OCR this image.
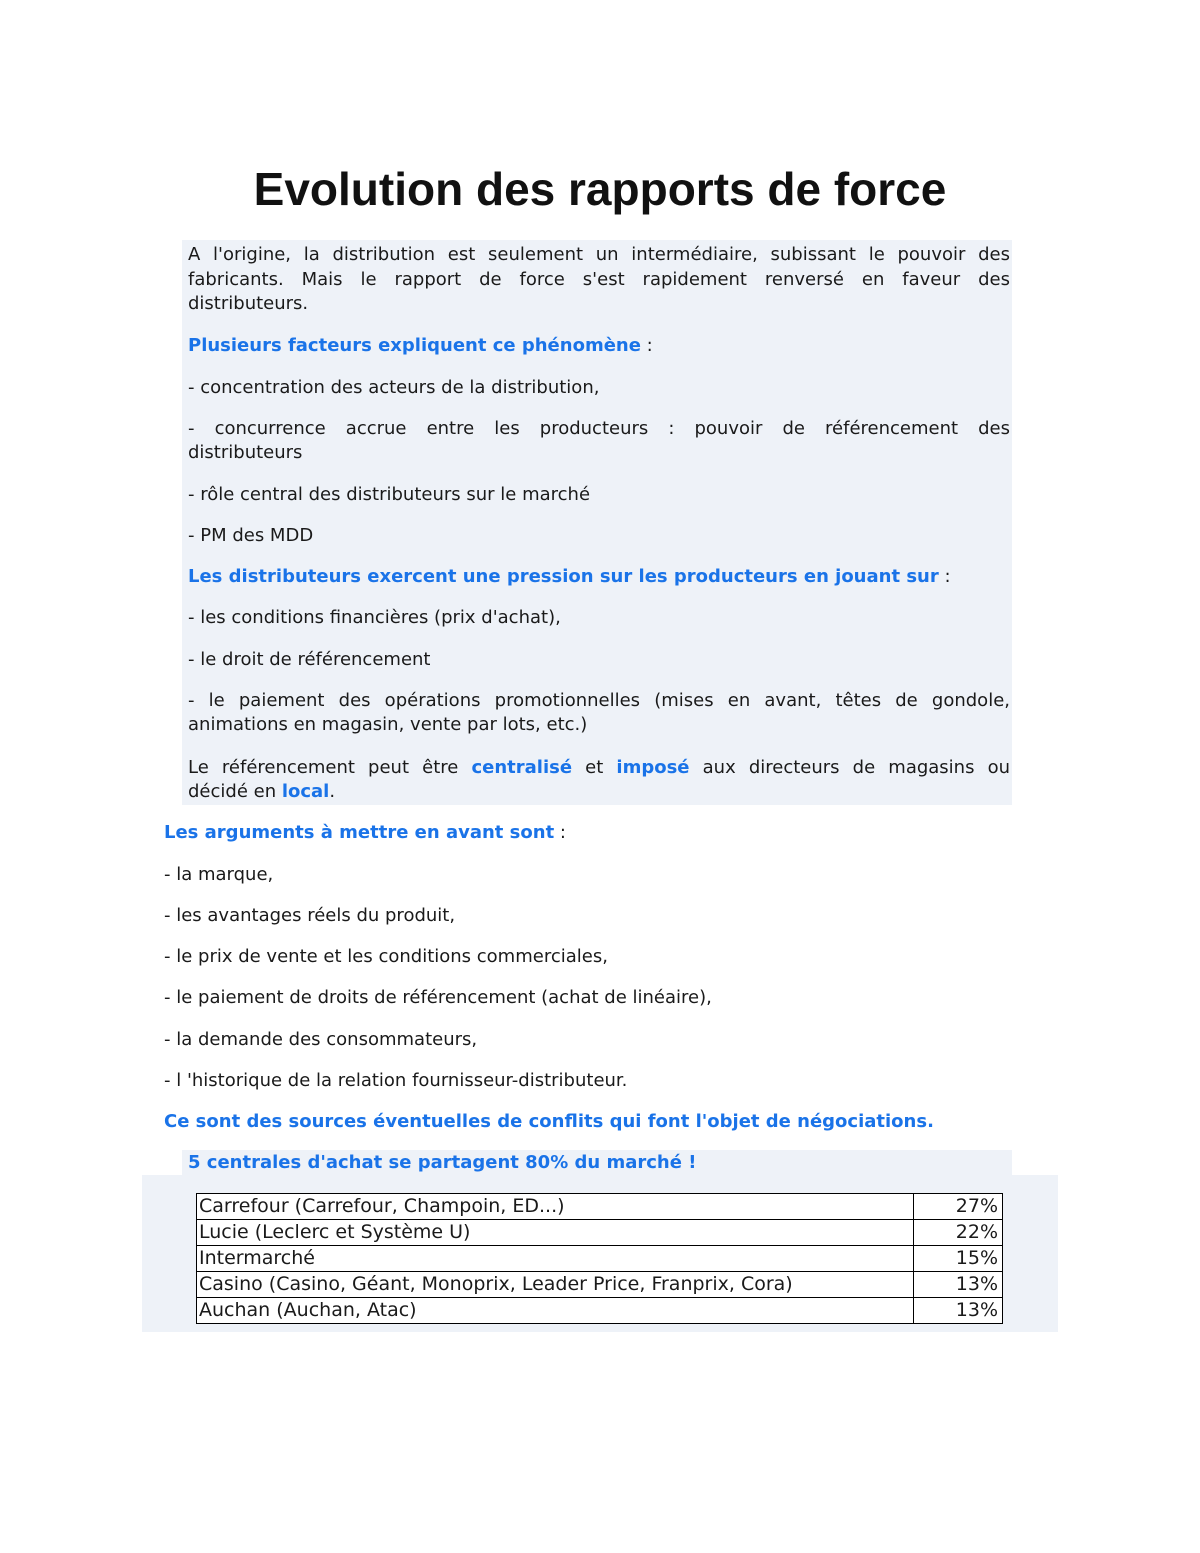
Evolution des rapports de force

A l'origine, la distribution est seulement un intermédiaire, subissant le pouvoir des

fabricants. Mais le rapport de force s'est rapidement renversé en faveur des

distributeurs.

Plusieurs facteurs expliquent ce phénomène :

- concentration des acteurs de la distribution,

- concurrence accrue entre les producteurs : pouvoir de référencement des

distributeurs

- rôle central des distributeurs sur le marché

- PM des MDD

Les distributeurs exercent une pression sur les producteurs en jouant sur :

- les conditions financières (prix d'achat),

- le droit de référencement

- le paiement des opérations promotionnelles (mises en avant, têtes de gondole,

animations en magasin, vente par lots, etc.)

Le référencement peut être centralisé et imposé aux directeurs de magasins ou

décidé en local.

Les arguments à mettre en avant sont :

- la marque,

- les avantages réels du produit,

- le prix de vente et les conditions commerciales,

- le paiement de droits de référencement (achat de linéaire),

- la demande des consommateurs,

- l 'historique de la relation fournisseur-distributeur.

Ce sont des sources éventuelles de conflits qui font l'objet de négociations.

5 centrales d'achat se partagent 80% du marché !

Carrefour (Carrefour, Champoin, ED...)	27%
Lucie (Leclerc et Système U)	22%
Intermarché	15%
Casino (Casino, Géant, Monoprix, Leader Price, Franprix, Cora)	13%
Auchan (Auchan, Atac)	13%
